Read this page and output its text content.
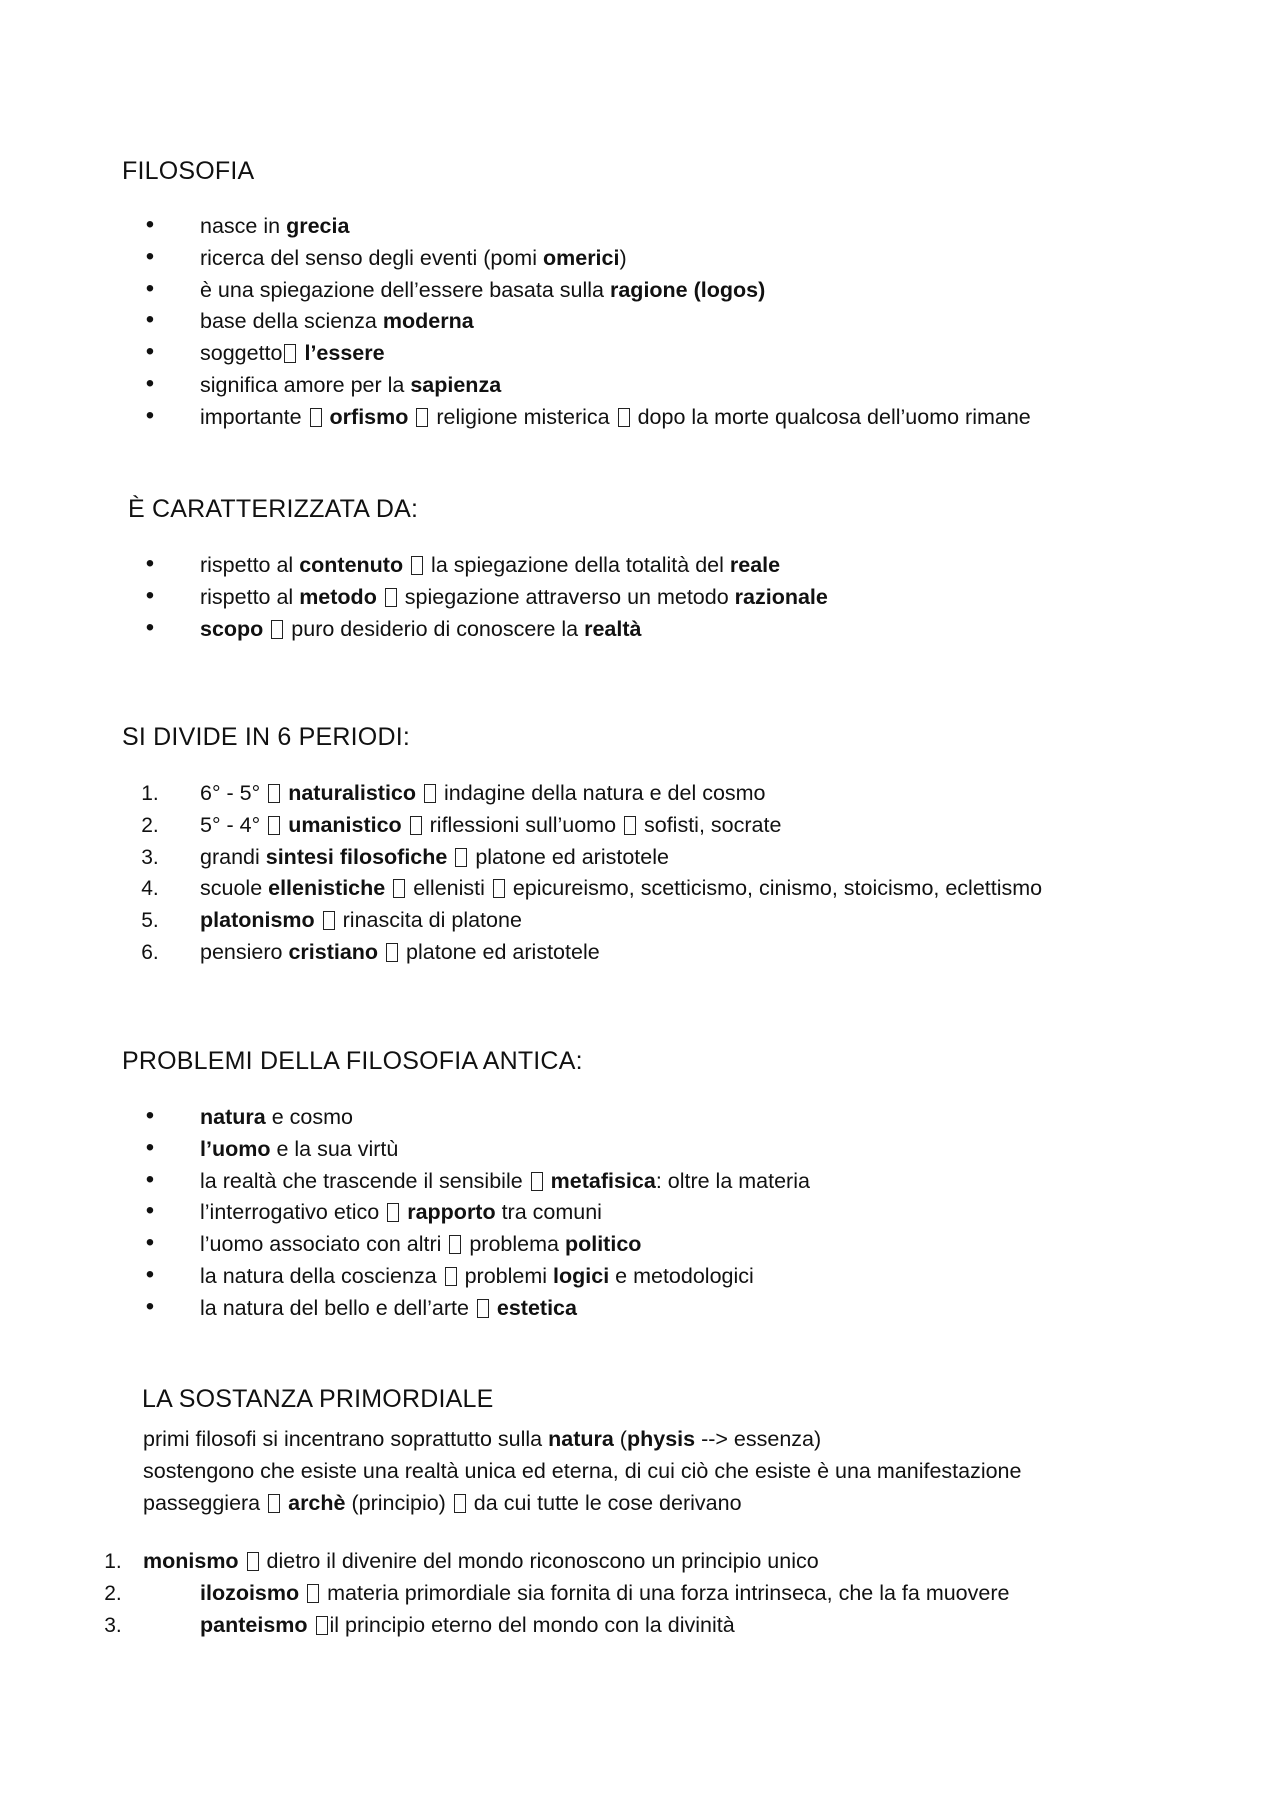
FILOSOFIA
•	nasce in grecia
•	ricerca del senso degli eventi (pomi omerici)
•	è una spiegazione dell’essere basata sulla ragione (logos)
•	base della scienza moderna
•	soggetto l’essere
•	significa amore per la sapienza
•	importante  orfismo  religione misterica  dopo la morte qualcosa dell’uomo rimane
È CARATTERIZZATA DA:
•	rispetto al contenuto  la spiegazione della totalità del reale
•	rispetto al metodo  spiegazione attraverso un metodo razionale
•	scopo  puro desiderio di conoscere la realtà
SI DIVIDE IN 6 PERIODI:
1.	6° - 5°  naturalistico  indagine della natura e del cosmo
2.	5° - 4°  umanistico  riflessioni sull’uomo  sofisti, socrate
3.	grandi sintesi filosofiche  platone ed aristotele
4.	scuole ellenistiche  ellenisti  epicureismo, scetticismo, cinismo, stoicismo, eclettismo
5.	platonismo  rinascita di platone
6.	pensiero cristiano  platone ed aristotele
PROBLEMI DELLA FILOSOFIA ANTICA:
•	natura e cosmo
•	l’uomo e la sua virtù
•	la realtà che trascende il sensibile  metafisica: oltre la materia
•	l’interrogativo etico  rapporto tra comuni
•	l’uomo associato con altri  problema politico
•	la natura della coscienza  problemi logici e metodologici
•	la natura del bello e dell’arte  estetica
LA SOSTANZA PRIMORDIALE
primi filosofi si incentrano soprattutto sulla natura (physis --> essenza)
sostengono che esiste una realtà unica ed eterna, di cui ciò che esiste è una manifestazione
passeggiera  archè (principio)  da cui tutte le cose derivano
1. monismo  dietro il divenire del mondo riconoscono un principio unico
2.	ilozoismo  materia primordiale sia fornita di una forza intrinseca, che la fa muovere
3.	panteismo il principio eterno del mondo con la divinità
